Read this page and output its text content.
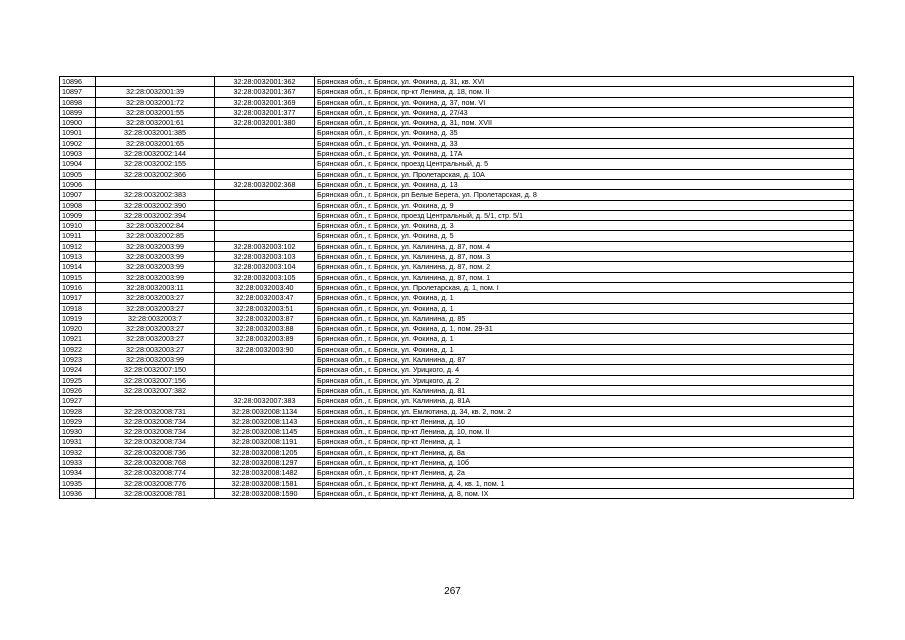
10896		32:28:0032001:362	Брянская обл., г. Брянск, ул. Фокина, д. 31, кв. XVI
10897	32:28:0032001:39	32:28:0032001:367	Брянская обл., г. Брянск, пр-кт Ленина, д. 18, пом. II
10898	32:28:0032001:72	32:28:0032001:369	Брянская обл., г. Брянск, ул. Фокина, д. 37, пом. VI
10899	32:28:0032001:55	32:28:0032001:377	Брянская обл., г. Брянск, ул. Фокина, д. 27/43
10900	32:28:0032001:61	32:28:0032001:380	Брянская обл., г. Брянск, ул. Фокина, д. 31, пом. XVII
10901	32:28:0032001:385		Брянская обл., г. Брянск, ул. Фокина, д. 35
10902	32:28:0032001:65		Брянская обл., г. Брянск, ул. Фокина, д. 33
10903	32:28:0032002:144		Брянская обл., г. Брянск, ул. Фокина, д. 17А
10904	32:28:0032002:155		Брянская обл., г. Брянск, проезд Центральный, д. 5
10905	32:28:0032002:366		Брянская обл., г. Брянск, ул. Пролетарская, д. 10А
10906		32:28:0032002:368	Брянская обл., г. Брянск, ул. Фокина, д. 13
10907	32:28:0032002:383		Брянская обл., г. Брянск, рп Белые Берега, ул. Пролетарская, д. 8
10908	32:28:0032002:390		Брянская обл., г. Брянск, ул. Фокина, д. 9
10909	32:28:0032002:394		Брянская обл., г. Брянск, проезд Центральный, д. 5/1, стр. 5/1
10910	32:28:0032002:84		Брянская обл., г. Брянск, ул. Фокина, д. 3
10911	32:28:0032002:85		Брянская обл., г. Брянск, ул. Фокина, д. 5
10912	32:28:0032003:99	32:28:0032003:102	Брянская обл., г. Брянск, ул. Калинина, д. 87, пом. 4
10913	32:28:0032003:99	32:28:0032003:103	Брянская обл., г. Брянск, ул. Калинина, д. 87, пом. 3
10914	32:28:0032003:99	32:28:0032003:104	Брянская обл., г. Брянск, ул. Калинина, д. 87, пом. 2
10915	32:28:0032003:99	32:28:0032003:105	Брянская обл., г. Брянск, ул. Калинина, д. 87, пом. 1
10916	32:28:0032003:11	32:28:0032003:40	Брянская обл., г. Брянск, ул. Пролетарская, д. 1, пом. I
10917	32:28:0032003:27	32:28:0032003:47	Брянская обл., г. Брянск, ул. Фокина, д. 1
10918	32:28:0032003:27	32:28:0032003:51	Брянская обл., г. Брянск, ул. Фокина, д. 1
10919	32:28:0032003:7	32:28:0032003:87	Брянская обл., г. Брянск, ул. Калинина, д. 85
10920	32:28:0032003:27	32:28:0032003:88	Брянская обл., г. Брянск, ул. Фокина, д. 1, пом. 29-31
10921	32:28:0032003:27	32:28:0032003:89	Брянская обл., г. Брянск, ул. Фокина, д. 1
10922	32:28:0032003:27	32:28:0032003:90	Брянская обл., г. Брянск, ул. Фокина, д. 1
10923	32:28:0032003:99		Брянская обл., г. Брянск, ул. Калинина, д. 87
10924	32:28:0032007:150		Брянская обл., г. Брянск, ул. Урицкого, д. 4
10925	32:28:0032007:156		Брянская обл., г. Брянск, ул. Урицкого, д. 2
10926	32:28:0032007:382		Брянская обл., г. Брянск, ул. Калинина, д. 81
10927		32:28:0032007:383	Брянская обл., г. Брянск, ул. Калинина, д. 81А
10928	32:28:0032008:731	32:28:0032008:1134	Брянская обл., г. Брянск, ул. Емлютина, д. 34, кв. 2, пом. 2
10929	32:28:0032008:734	32:28:0032008:1143	Брянская обл., г. Брянск, пр-кт Ленина, д. 10
10930	32:28:0032008:734	32:28:0032008:1145	Брянская обл., г. Брянск, пр-кт Ленина, д. 10, пом. II
10931	32:28:0032008:734	32:28:0032008:1191	Брянская обл., г. Брянск, пр-кт Ленина, д. 1
10932	32:28:0032008:736	32:28:0032008:1205	Брянская обл., г. Брянск, пр-кт Ленина, д. 8а
10933	32:28:0032008:768	32:28:0032008:1297	Брянская обл., г. Брянск, пр-кт Ленина, д. 10б
10934	32:28:0032008:774	32:28:0032008:1482	Брянская обл., г. Брянск, пр-кт Ленина, д. 2а
10935	32:28:0032008:776	32:28:0032008:1581	Брянская обл., г. Брянск, пр-кт Ленина, д. 4, кв. 1, пом. 1
10936	32:28:0032008:781	32:28:0032008:1590	Брянская обл., г. Брянск, пр-кт Ленина, д. 8, пом. IX
267
